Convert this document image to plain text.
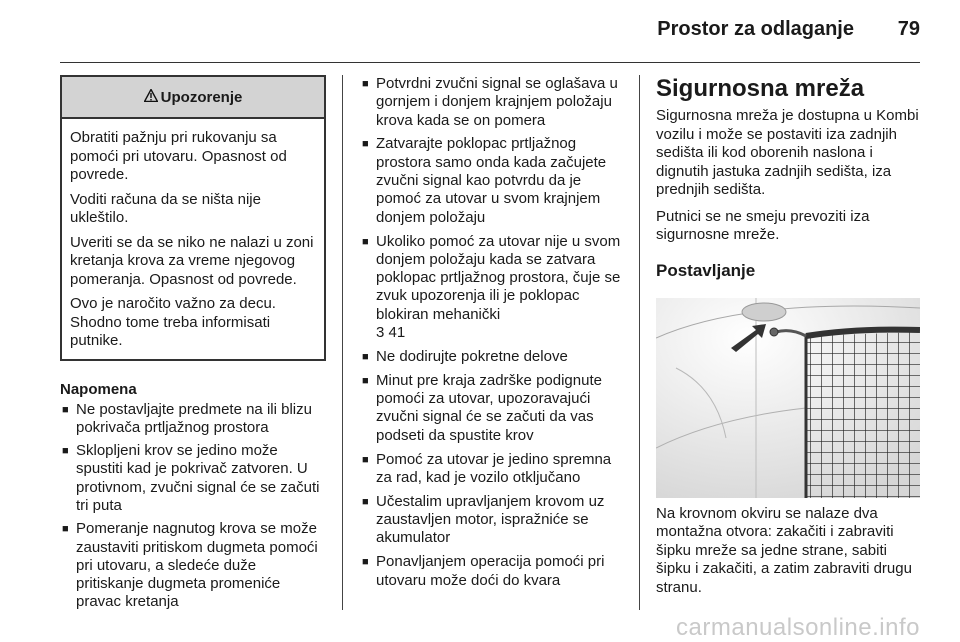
Prostor za odlaganje 79
Upozorenje

Obratiti pažnju pri rukovanju sa pomoći pri utovaru. Opasnost od povrede.

Voditi računa da se ništa nije ukleštilo.

Uveriti se da se niko ne nalazi u zoni kretanja krova za vreme njegovog pomeranja. Opasnost od povrede.

Ovo je naročito važno za decu. Shodno tome treba informisati putnike.

Napomena
■ Ne postavljajte predmete na ili blizu pokrivača prtljažnog prostora
■ Sklopljeni krov se jedino može spustiti kad je pokrivač zatvoren. U protivnom, zvučni signal će se začuti tri puta
■ Pomeranje nagnutog krova se može zaustaviti pritiskom dugmeta pomoći pri utovaru, a sledeće duže pritiskanje dugmeta promeniće pravac kretanja
■ Potvrdni zvučni signal se oglašava u gornjem i donjem krajnjem položaju krova kada se on pomera
■ Zatvarajte poklopac prtljažnog prostora samo onda kada začujete zvučni signal kao potvrdu da je pomoć za utovar u svom krajnjem donjem položaju
■ Ukoliko pomoć za utovar nije u svom donjem položaju kada se zatvara poklopac prtljažnog prostora, čuje se zvuk upozorenja ili je poklopac blokiran mehanički
3 41
■ Ne dodirujte pokretne delove
■ Minut pre kraja zadrške podignute pomoći za utovar, upozoravajući zvučni signal će se začuti da vas podseti da spustite krov
■ Pomoć za utovar je jedino spremna za rad, kad je vozilo otključano
■ Učestalim upravljanjem krovom uz zaustavljen motor, ispražniće se akumulator
■ Ponavljanjem operacija pomoći pri utovaru može doći do kvara
Sigurnosna mreža

Sigurnosna mreža je dostupna u Kombi vozilu i može se postaviti iza zadnjih sedišta ili kod oborenih naslona i dignutih jastuka zadnjih sedišta, iza prednjih sedišta.

Putnici se ne smeju prevoziti iza sigurnosne mreže.

Postavljanje

Na krovnom okviru se nalaze dva montažna otvora: zakačiti i zabraviti šipku mreže sa jedne strane, sabiti šipku i zakačiti, a zatim zabraviti drugu stranu.

carmanualsonline.info
